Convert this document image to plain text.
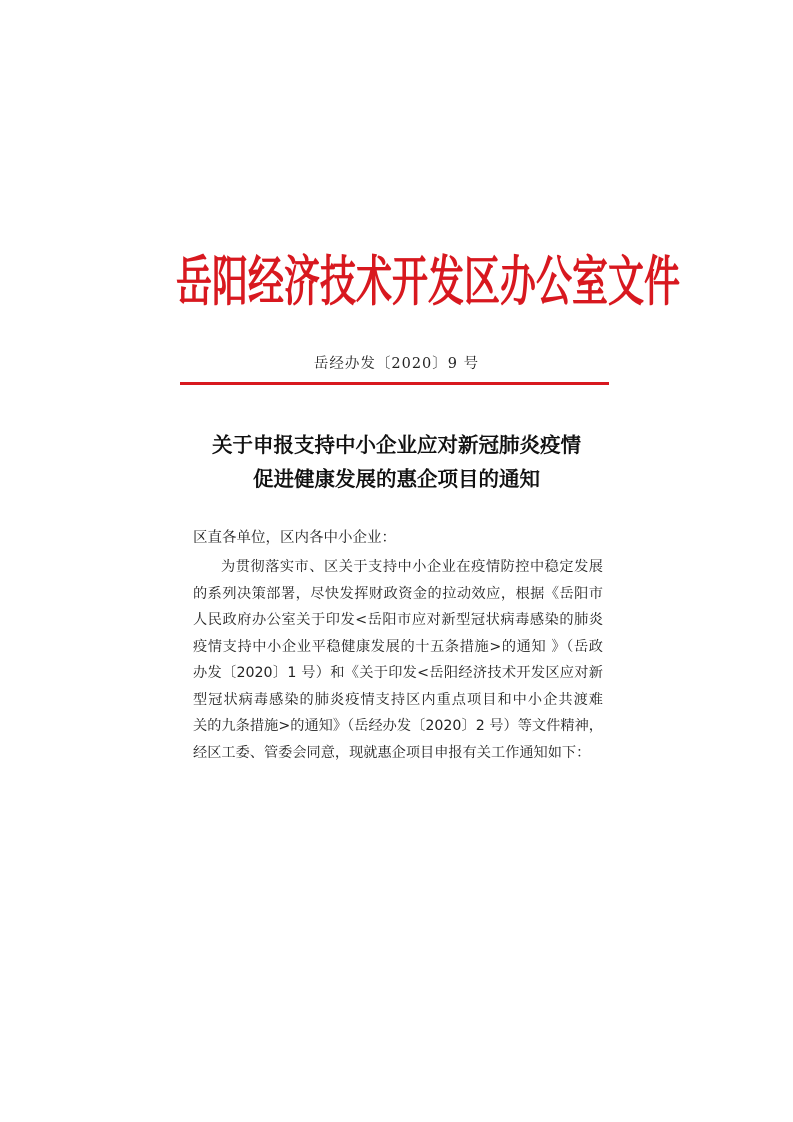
岳阳经济技术开发区办公室文件
岳经办发〔2020〕9 号
关于申报支持中小企业应对新冠肺炎疫情
促进健康发展的惠企项目的通知
区直各单位，区内各中小企业：
为贯彻落实市、区关于支持中小企业在疫情防控中稳定发展
的系列决策部署，尽快发挥财政资金的拉动效应，根据《岳阳市
人民政府办公室关于印发<岳阳市应对新型冠状病毒感染的肺炎
疫情支持中小企业平稳健康发展的十五条措施>的通知 》（岳政
办发〔2020〕1 号）和《关于印发<岳阳经济技术开发区应对新
型冠状病毒感染的肺炎疫情支持区内重点项目和中小企共渡难
关的九条措施>的通知》（岳经办发〔2020〕2 号）等文件精神，
经区工委、管委会同意，现就惠企项目申报有关工作通知如下：
